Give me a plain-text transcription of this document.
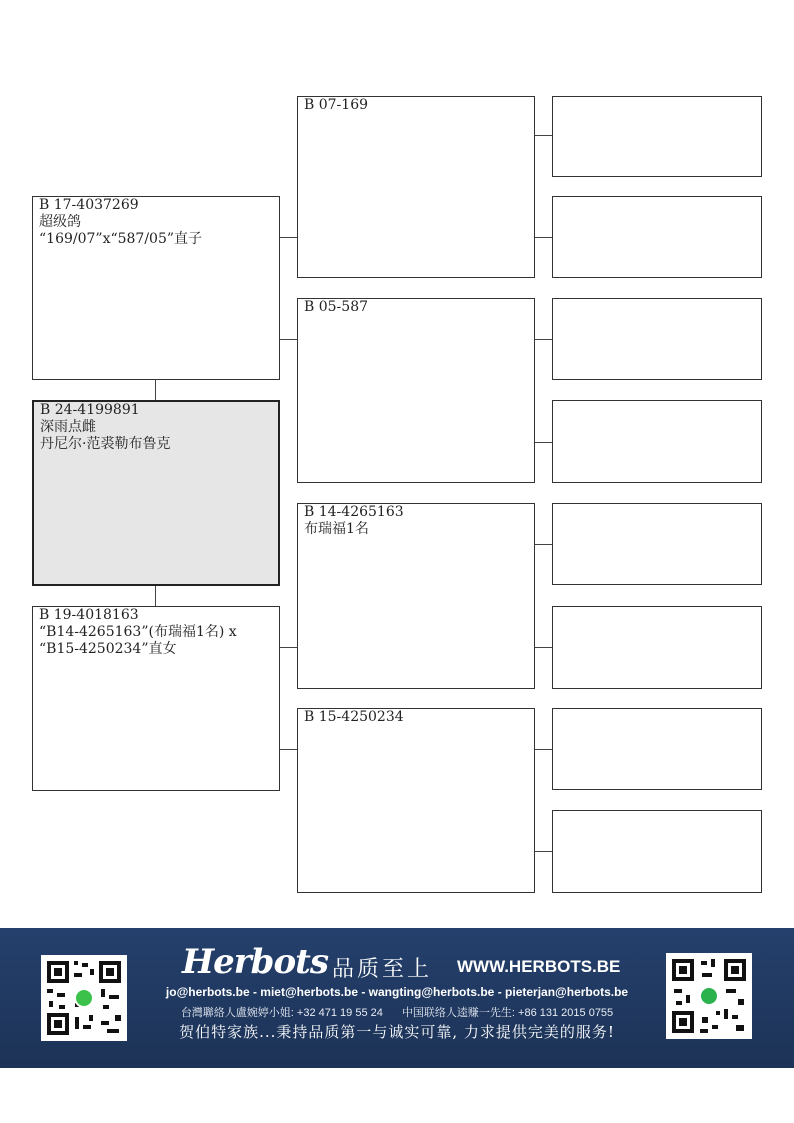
B 24-4199891
深雨点雌
丹尼尔·范裘勒布鲁克
B 17-4037269
超级鸽
“169/07”x“587/05”直子
B 19-4018163
“B14-4265163”(布瑞福1名) x
“B15-4250234”直女
B 07-169
B 05-587
B 14-4265163
布瑞福1名
B 15-4250234
Herbots 品质至上 WWW.HERBOTS.BE
jo@herbots.be - miet@herbots.be - wangting@herbots.be - pieterjan@herbots.be
台灣聯絡人盧婉婷小姐: +32 471 19 55 24 中国联络人逵赚一先生: +86 131 2015 0755
贺伯特家族...秉持品质第一与诚实可靠, 力求提供完美的服务!
